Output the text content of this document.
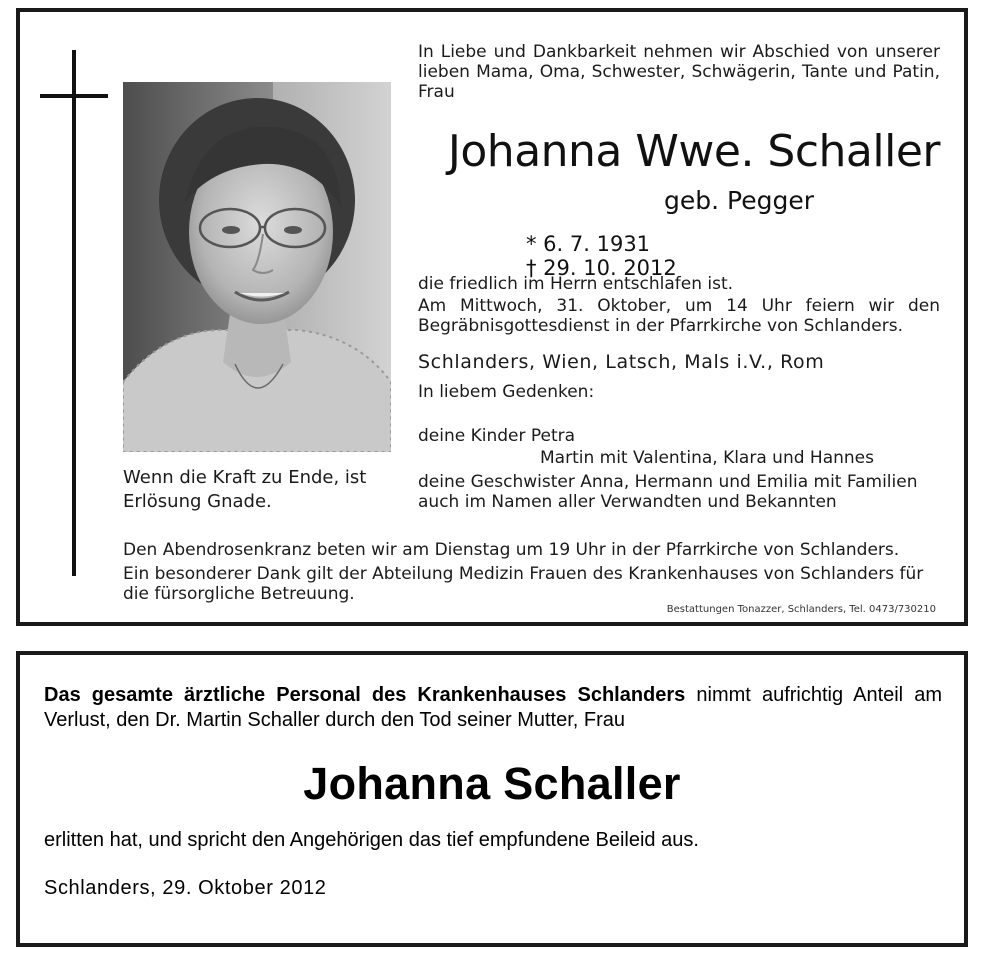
Wenn die Kraft zu Ende, ist Erlösung Gnade.
In Liebe und Dankbarkeit nehmen wir Abschied von unserer lieben Mama, Oma, Schwester, Schwägerin, Tante und Patin, Frau
Johanna Wwe. Schaller
geb. Pegger
* 6. 7. 1931  † 29. 10. 2012
die friedlich im Herrn entschlafen ist.
Am Mittwoch, 31. Oktober, um 14 Uhr feiern wir den Begräbnisgottesdienst in der Pfarrkirche von Schlanders.
Schlanders, Wien, Latsch, Mals i.V., Rom
In liebem Gedenken:
deine Kinder Petra
Martin mit Valentina, Klara und Hannes
deine Geschwister Anna, Hermann und Emilia mit Familien
auch im Namen aller Verwandten und Bekannten
Den Abendrosenkranz beten wir am Dienstag um 19 Uhr in der Pfarrkirche von Schlanders.
Ein besonderer Dank gilt der Abteilung Medizin Frauen des Krankenhauses von Schlanders für die fürsorgliche Betreuung.
Bestattungen Tonazzer, Schlanders, Tel. 0473/730210
Das gesamte ärztliche Personal des Krankenhauses Schlanders nimmt aufrichtig Anteil am Verlust, den Dr. Martin Schaller durch den Tod seiner Mutter, Frau
Johanna Schaller
erlitten hat, und spricht den Angehörigen das tief empfundene Beileid aus.
Schlanders, 29. Oktober 2012
